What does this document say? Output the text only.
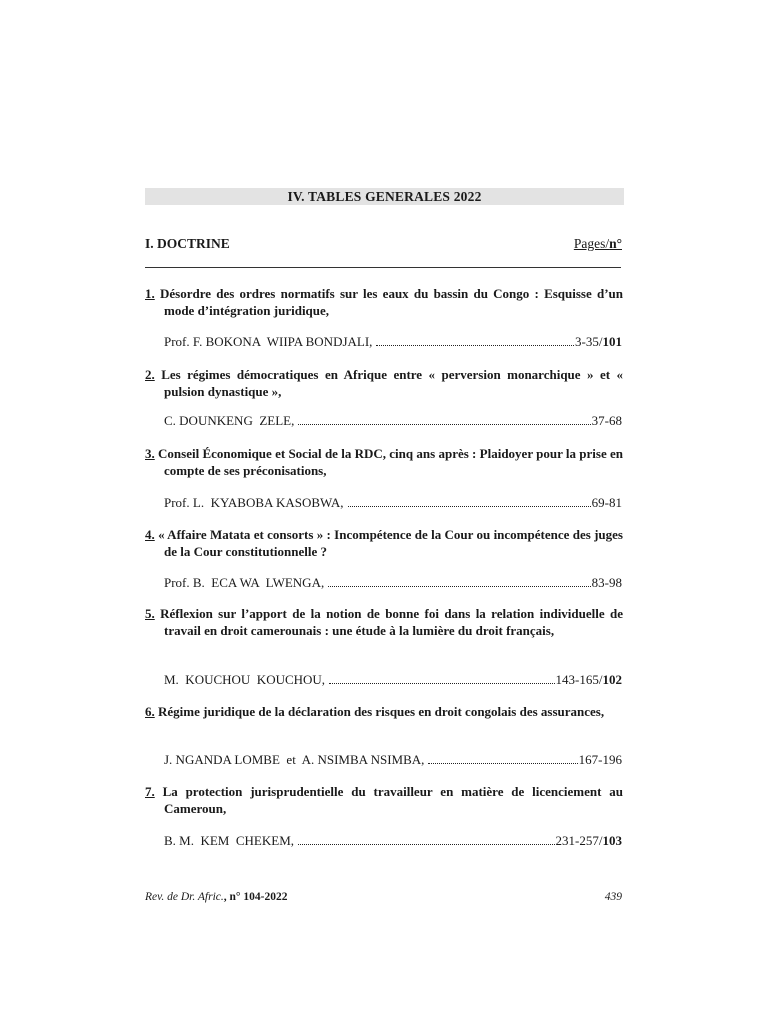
IV. TABLES GENERALES 2022
I. DOCTRINE	Pages/n°
1. Désordre des ordres normatifs sur les eaux du bassin du Congo : Esquisse d’un mode d’intégration juridique,
Prof. F. BOKONA  WIIPA BONDJALI,	3-35/101
2. Les régimes démocratiques en Afrique entre « perversion monarchique » et « pulsion dynastique »,
C. DOUNKENG  ZELE,	37-68
3. Conseil Économique et Social de la RDC, cinq ans après : Plaidoyer pour la prise en compte de ses préconisations,
Prof. L.  KYABOBA KASOBWA,	69-81
4. « Affaire Matata et consorts » : Incompétence de la Cour ou incompétence des juges de la Cour constitutionnelle ?
Prof. B.  ECA WA  LWENGA,	83-98
5. Réflexion sur l’apport de la notion de bonne foi dans la relation individuelle de travail en droit camerounais : une étude à la lumière du droit français,
M.  KOUCHOU  KOUCHOU,	143-165/102
6. Régime juridique de la déclaration des risques en droit congolais des assurances,
J. NGANDA LOMBE  et  A. NSIMBA NSIMBA,	167-196
7. La protection jurisprudentielle du travailleur en matière de licenciement au Cameroun,
B. M.  KEM  CHEKEM,	231-257/103
Rev. de Dr. Afric., n° 104-2022	439
